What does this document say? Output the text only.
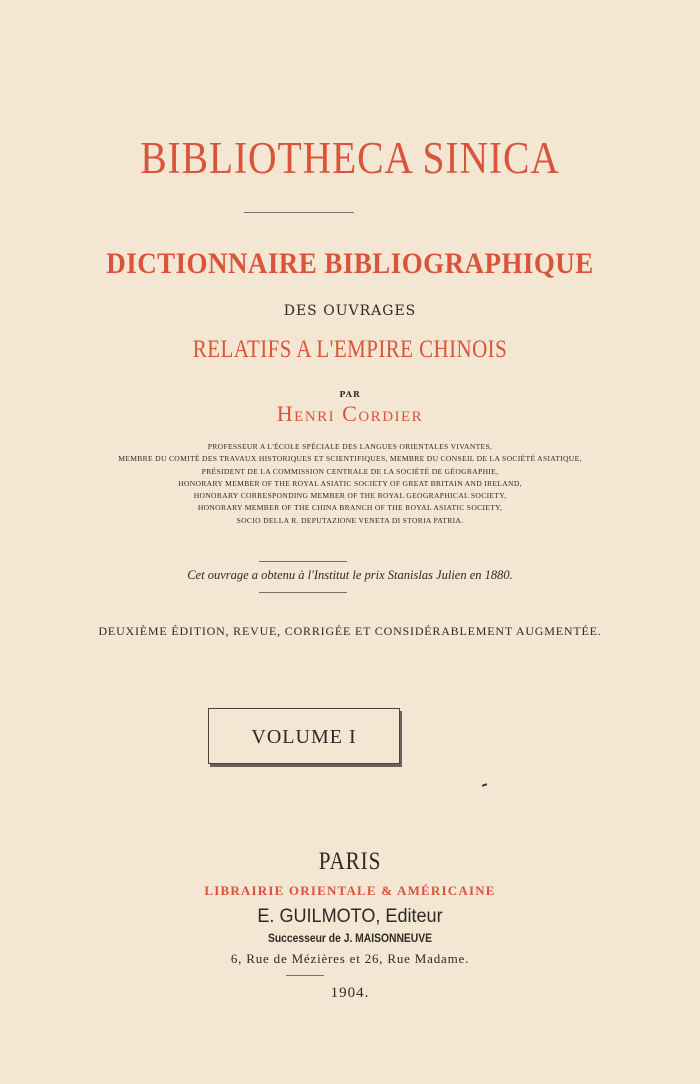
BIBLIOTHECA SINICA
DICTIONNAIRE BIBLIOGRAPHIQUE
DES OUVRAGES
RELATIFS A L'EMPIRE CHINOIS
PAR
Henri Cordier
PROFESSEUR A L'ÉCOLE SPÉCIALE DES LANGUES ORIENTALES VIVANTES,
MEMBRE DU COMITÉ DES TRAVAUX HISTORIQUES ET SCIENTIFIQUES, MEMBRE DU CONSEIL DE LA SOCIÉTÉ ASIATIQUE,
PRÉSIDENT DE LA COMMISSION CENTRALE DE LA SOCIÉTÉ DE GÉOGRAPHIE,
HONORARY MEMBER OF THE ROYAL ASIATIC SOCIETY OF GREAT BRITAIN AND IRELAND,
HONORARY CORRESPONDING MEMBER OF THE ROYAL GEOGRAPHICAL SOCIETY,
HONORARY MEMBER OF THE CHINA BRANCH OF THE ROYAL ASIATIC SOCIETY,
SOCIO DELLA R. DEPUTAZIONE VENETA DI STORIA PATRIA.
Cet ouvrage a obtenu à l'Institut le prix Stanislas Julien en 1880.
DEUXIÈME ÉDITION, REVUE, CORRIGÉE ET CONSIDÉRABLEMENT AUGMENTÉE.
VOLUME I
PARIS
LIBRAIRIE ORIENTALE & AMÉRICAINE
E. GUILMOTO, Editeur
Successeur de J. MAISONNEUVE
6, Rue de Mézières et 26, Rue Madame.
1904.
